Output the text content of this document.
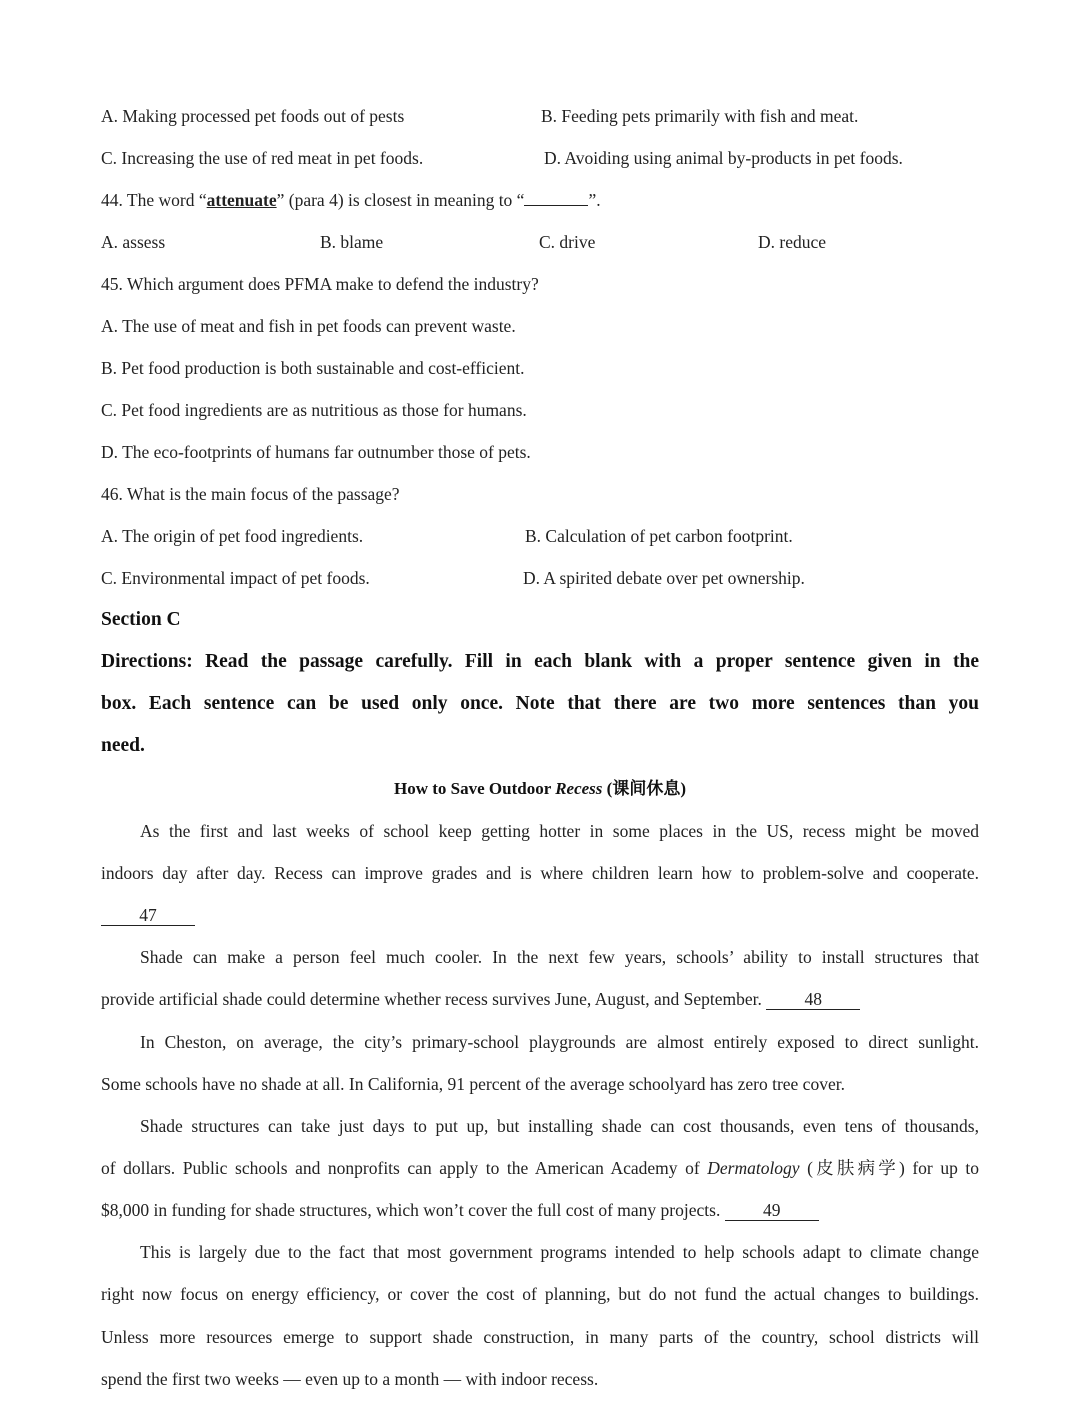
A. Making processed pet foods out of pests	B. Feeding pets primarily with fish and meat.
C. Increasing the use of red meat in pet foods.	D. Avoiding using animal by-products in pet foods.
44. The word “attenuate” (para 4) is closest in meaning to “	”.
A. assess	B. blame	C. drive	D. reduce
45. Which argument does PFMA make to defend the industry?
A. The use of meat and fish in pet foods can prevent waste.
B. Pet food production is both sustainable and cost-efficient.
C. Pet food ingredients are as nutritious as those for humans.
D. The eco-footprints of humans far outnumber those of pets.
46. What is the main focus of the passage?
A. The origin of pet food ingredients.	B. Calculation of pet carbon footprint.
C. Environmental impact of pet foods.	D. A spirited debate over pet ownership.
Section C
Directions: Read the passage carefully. Fill in each blank with a proper sentence given in the
box. Each sentence can be used only once. Note that there are two more sentences than you
need.
How to Save Outdoor Recess (课间休息)
As the first and last weeks of school keep getting hotter in some places in the US, recess might be moved
indoors day after day. Recess can improve grades and is where children learn how to problem-solve and cooperate.
47
Shade can make a person feel much cooler. In the next few years, schools’ ability to install structures that
provide artificial shade could determine whether recess survives June, August, and September. 48
In Cheston, on average, the city’s primary-school playgrounds are almost entirely exposed to direct sunlight.
Some schools have no shade at all. In California, 91 percent of the average schoolyard has zero tree cover.
Shade structures can take just days to put up, but installing shade can cost thousands, even tens of thousands,
of dollars. Public schools and nonprofits can apply to the American Academy of Dermatology (皮肤病学) for up to
$8,000 in funding for shade structures, which won’t cover the full cost of many projects. 49
This is largely due to the fact that most government programs intended to help schools adapt to climate change
right now focus on energy efficiency, or cover the cost of planning, but do not fund the actual changes to buildings.
Unless more resources emerge to support shade construction, in many parts of the country, school districts will
spend the first two weeks — even up to a month — with indoor recess.
